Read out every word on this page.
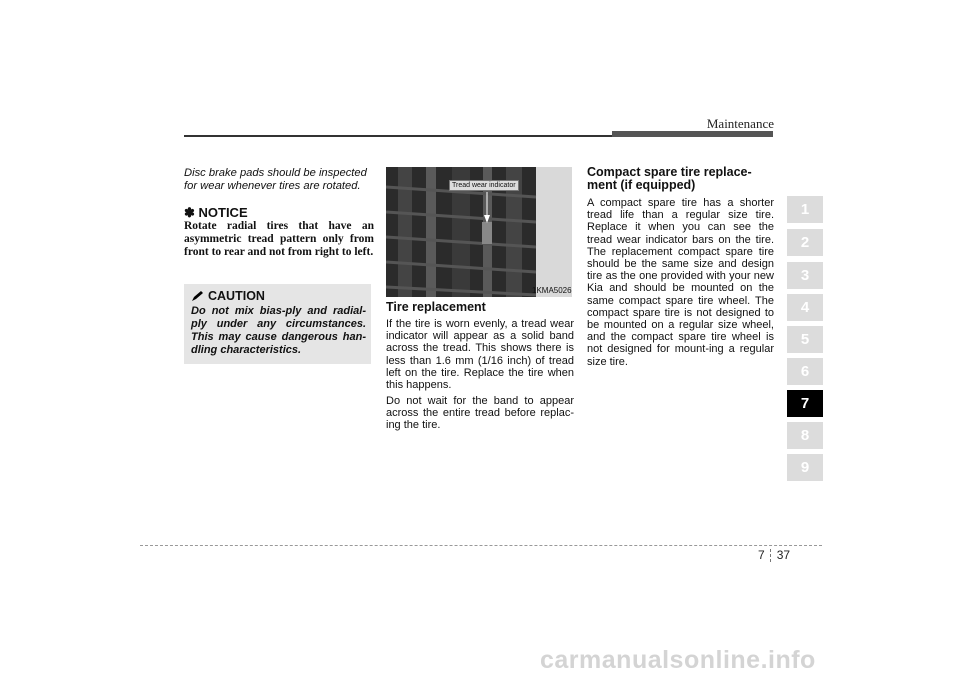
Maintenance
Disc brake pads should be inspected for wear whenever tires are rotated.
✽ NOTICE
Rotate radial tires that have an asymmetric tread pattern only from front to rear and not from right to left.
CAUTION
Do not mix bias-ply and radial-ply under any circumstances. This may cause dangerous han-dling characteristics.
Tread wear indicator
1KMA5026
Tire replacement
If the tire is worn evenly, a tread wear indicator will appear as a solid band across the tread. This shows there is less than 1.6 mm (1/16 inch) of tread left on the tire. Replace the tire when this happens.
Do not wait for the band to appear across the entire tread before replac-ing the tire.
Compact spare tire replace-ment (if equipped)
A compact spare tire has a shorter tread life than a regular size tire. Replace it when you can see the tread wear indicator bars on the tire. The replacement compact spare tire should be the same size and design tire as the one provided with your new Kia and should be mounted on the same compact spare tire wheel. The compact spare tire is not designed to be mounted on a regular size wheel, and the compact spare tire wheel is not designed for mount-ing a regular size tire.
1
2
3
4
5
6
7
8
9
7 37
carmanualsonline.info
